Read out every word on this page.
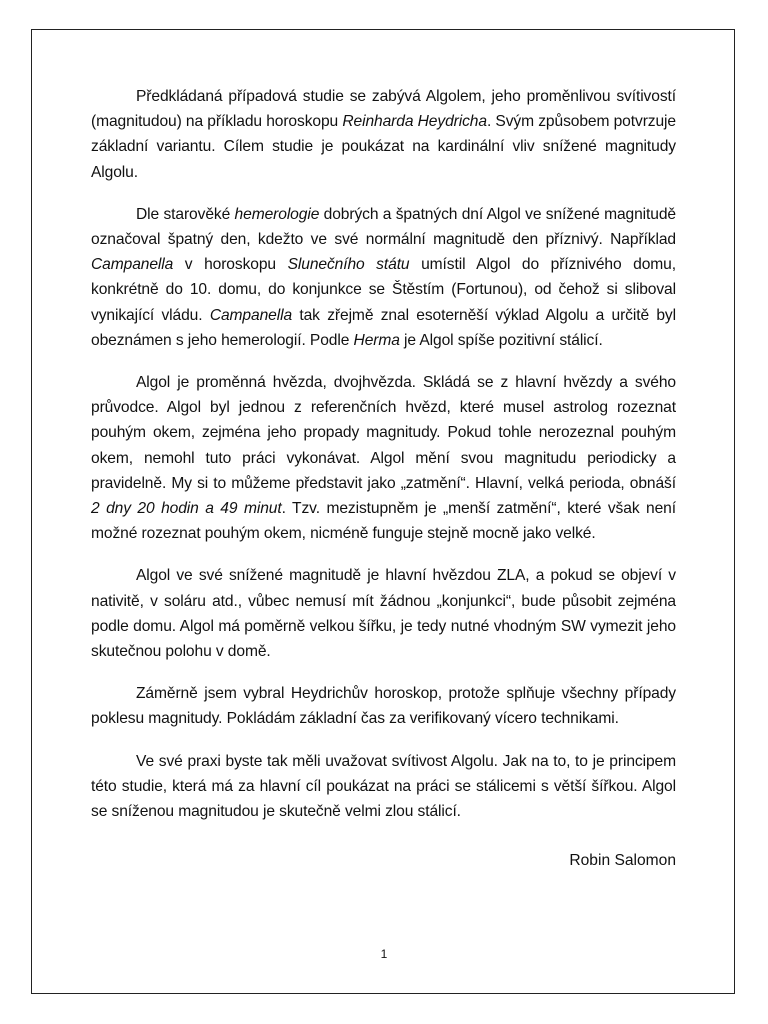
Předkládaná případová studie se zabývá Algolem, jeho proměnlivou svítivostí (magnitudou) na příkladu horoskopu Reinharda Heydricha. Svým způsobem potvrzuje základní variantu. Cílem studie je poukázat na kardinální vliv snížené magnitudy Algolu.

Dle starověké hemerologie dobrých a špatných dní Algol ve snížené magnitudě označoval špatný den, kdežto ve své normální magnitudě den příznivý. Například Campanella v horoskopu Slunečního státu umístil Algol do příznivého domu, konkrétně do 10. domu, do konjunkce se Štěstím (Fortunou), od čehož si sliboval vynikající vládu. Campanella tak zřejmě znal esoterněší výklad Algolu a určitě byl obeznámen s jeho hemerologií. Podle Herma je Algol spíše pozitivní stálicí.

Algol je proměnná hvězda, dvojhvězda. Skládá se z hlavní hvězdy a svého průvodce. Algol byl jednou z referenčních hvězd, které musel astrolog rozeznat pouhým okem, zejména jeho propady magnitudy. Pokud tohle nerozeznal pouhým okem, nemohl tuto práci vykonávat. Algol mění svou magnitudu periodicky a pravidelně. My si to můžeme představit jako „zatmění“. Hlavní, velká perioda, obnáší 2 dny 20 hodin a 49 minut. Tzv. mezistupněm je „menší zatmění“, které však není možné rozeznat pouhým okem, nicméně funguje stejně mocně jako velké.

Algol ve své snížené magnitudě je hlavní hvězdou ZLA, a pokud se objeví v nativitě, v soláru atd., vůbec nemusí mít žádnou „konjunkci“, bude působit zejména podle domu. Algol má poměrně velkou šířku, je tedy nutné vhodným SW vymezit jeho skutečnou polohu v domě.

Záměrně jsem vybral Heydrichův horoskop, protože splňuje všechny případy poklesu magnitudy. Pokládám základní čas za verifikovaný vícero technikami.

Ve své praxi byste tak měli uvažovat svítivost Algolu. Jak na to, to je principem této studie, která má za hlavní cíl poukázat na práci se stálicemi s větší šířkou. Algol se sníženou magnitudou je skutečně velmi zlou stálicí.

Robin Salomon
1
